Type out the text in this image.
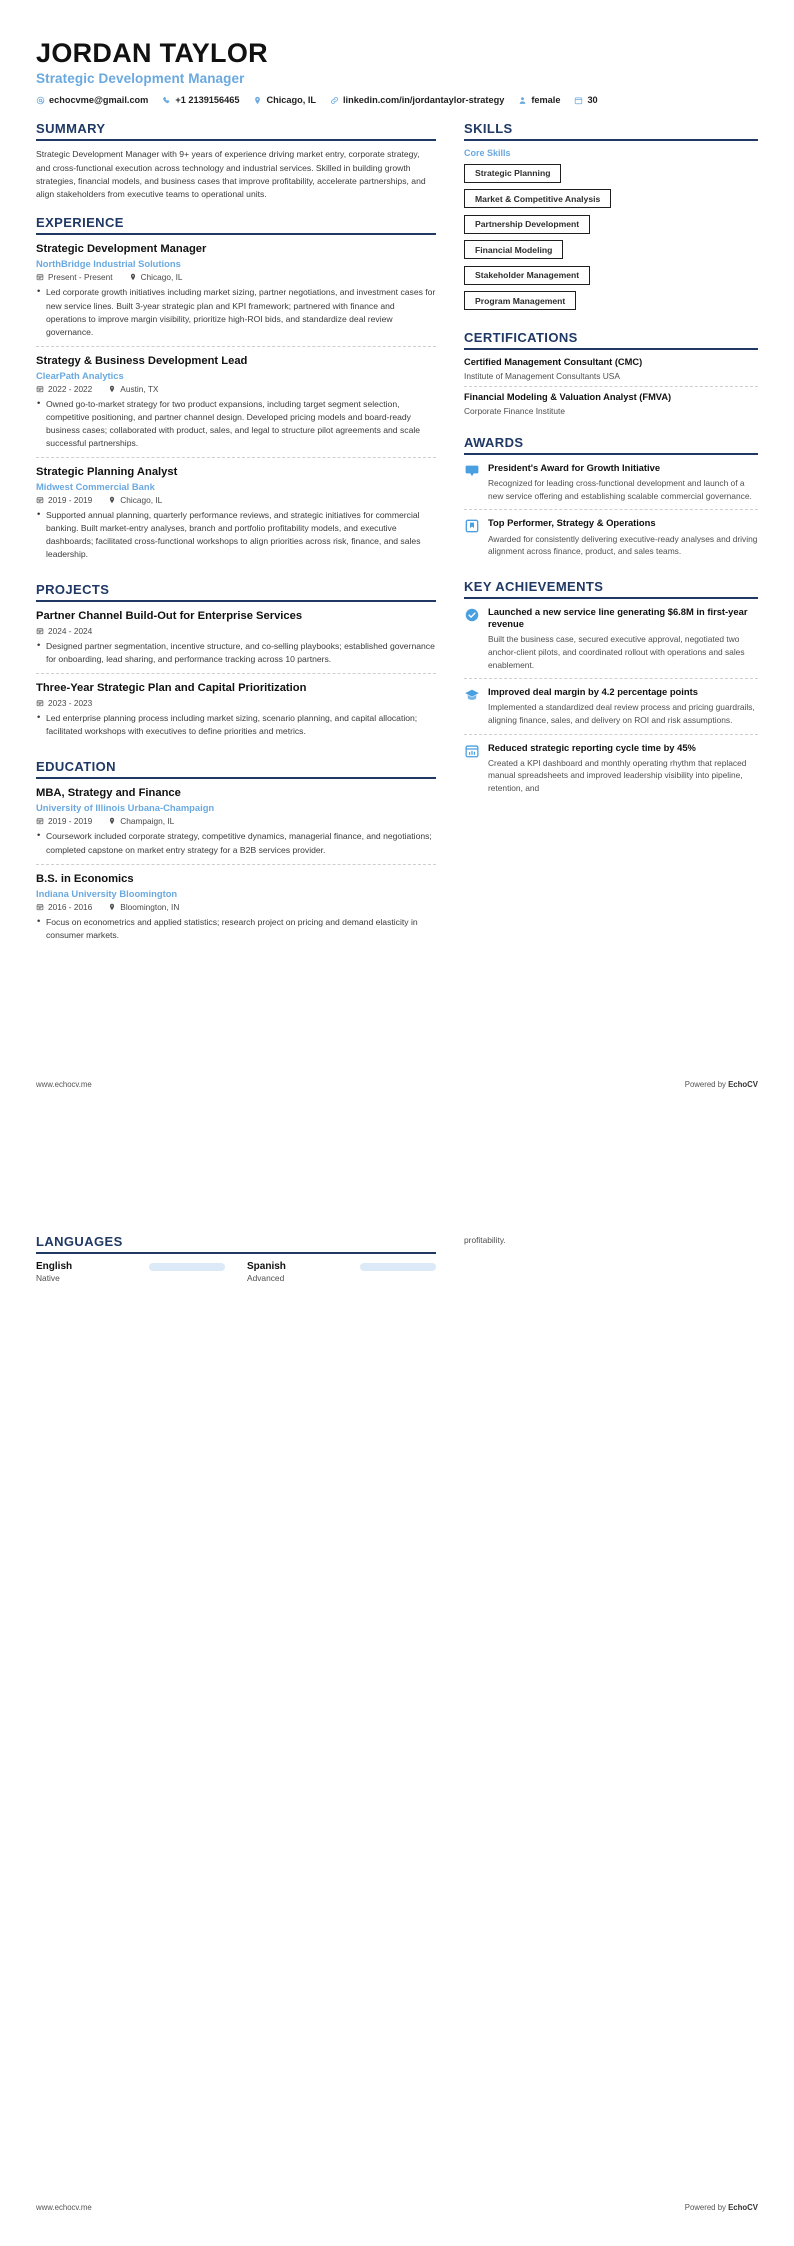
JORDAN TAYLOR
Strategic Development Manager
echocvme@gmail.com	+1 2139156465	Chicago, IL	linkedin.com/in/jordantaylor-strategy	female	30
SUMMARY
Strategic Development Manager with 9+ years of experience driving market entry, corporate strategy, and cross-functional execution across technology and industrial services. Skilled in building growth strategies, financial models, and business cases that improve profitability, accelerate partnerships, and align stakeholders from executive teams to operational units.
EXPERIENCE
Strategic Development Manager
NorthBridge Industrial Solutions
Present - Present	Chicago, IL
• Led corporate growth initiatives including market sizing, partner negotiations, and investment cases for new service lines. Built 3-year strategic plan and KPI framework; partnered with finance and operations to improve margin visibility, prioritize high-ROI bids, and standardize deal review governance.
Strategy & Business Development Lead
ClearPath Analytics
2022 - 2022	Austin, TX
• Owned go-to-market strategy for two product expansions, including target segment selection, competitive positioning, and partner channel design. Developed pricing models and board-ready business cases; collaborated with product, sales, and legal to structure pilot agreements and scale successful partnerships.
Strategic Planning Analyst
Midwest Commercial Bank
2019 - 2019	Chicago, IL
• Supported annual planning, quarterly performance reviews, and strategic initiatives for commercial banking. Built market-entry analyses, branch and portfolio profitability models, and executive dashboards; facilitated cross-functional workshops to align priorities across risk, finance, and sales leadership.
PROJECTS
Partner Channel Build-Out for Enterprise Services
2024 - 2024
• Designed partner segmentation, incentive structure, and co-selling playbooks; established governance for onboarding, lead sharing, and performance tracking across 10 partners.
Three-Year Strategic Plan and Capital Prioritization
2023 - 2023
• Led enterprise planning process including market sizing, scenario planning, and capital allocation; facilitated workshops with executives to define priorities and metrics.
EDUCATION
MBA, Strategy and Finance
University of Illinois Urbana-Champaign
2019 - 2019	Champaign, IL
• Coursework included corporate strategy, competitive dynamics, managerial finance, and negotiations; completed capstone on market entry strategy for a B2B services provider.
B.S. in Economics
Indiana University Bloomington
2016 - 2016	Bloomington, IN
• Focus on econometrics and applied statistics; research project on pricing and demand elasticity in consumer markets.
SKILLS
Core Skills
Strategic Planning
Market & Competitive Analysis
Partnership Development
Financial Modeling
Stakeholder Management
Program Management
CERTIFICATIONS
Certified Management Consultant (CMC)
Institute of Management Consultants USA
Financial Modeling & Valuation Analyst (FMVA)
Corporate Finance Institute
AWARDS
President's Award for Growth Initiative
Recognized for leading cross-functional development and launch of a new service offering and establishing scalable commercial governance.
Top Performer, Strategy & Operations
Awarded for consistently delivering executive-ready analyses and driving alignment across finance, product, and sales teams.
KEY ACHIEVEMENTS
Launched a new service line generating $6.8M in first-year revenue
Built the business case, secured executive approval, negotiated two anchor-client pilots, and coordinated rollout with operations and sales enablement.
Improved deal margin by 4.2 percentage points
Implemented a standardized deal review process and pricing guardrails, aligning finance, sales, and delivery on ROI and risk assumptions.
Reduced strategic reporting cycle time by 45%
Created a KPI dashboard and monthly operating rhythm that replaced manual spreadsheets and improved leadership visibility into pipeline, retention, and
www.echocv.me	Powered by EchoCV
LANGUAGES
English
Native
Spanish
Advanced
profitability.
www.echocv.me	Powered by EchoCV
